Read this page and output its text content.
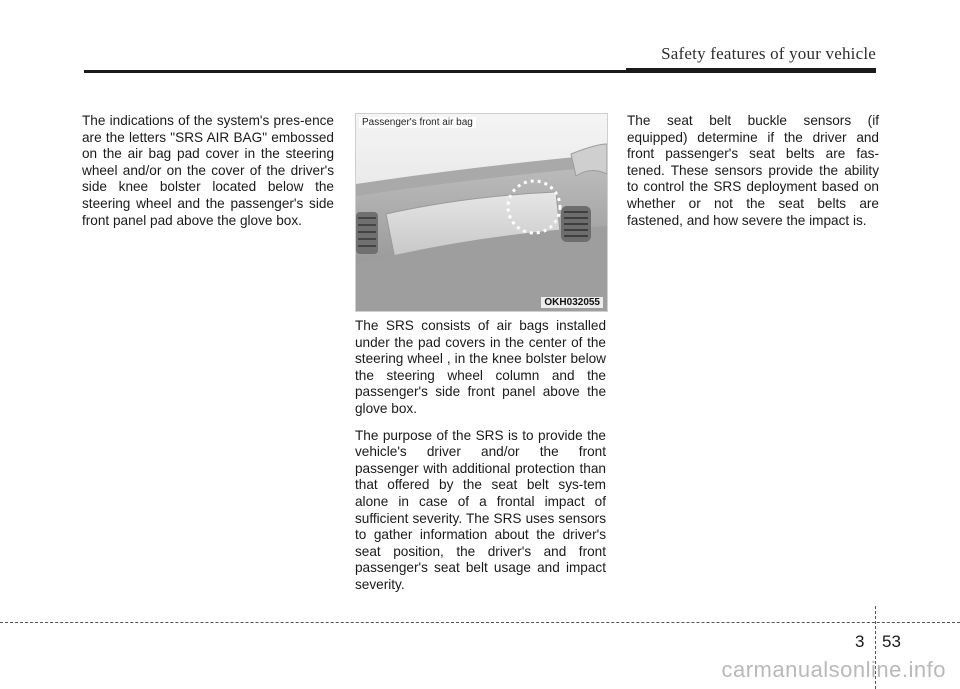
Safety features of your vehicle

The indications of the system's pres-ence are the letters "SRS AIR BAG" embossed on the air bag pad cover in the steering wheel and/or on the cover of the driver's side knee bolster located below the steering wheel and the passenger's side front panel pad above the glove box.

Passenger's front air bag
OKH032055

The SRS consists of air bags installed under the pad covers in the center of the steering wheel , in the knee bolster below the steering wheel column and the passenger's side front panel above the glove box.

The purpose of the SRS is to provide the vehicle's driver and/or the front passenger with additional protection than that offered by the seat belt sys-tem alone in case of a frontal impact of sufficient severity. The SRS uses sensors to gather information about the driver's seat position, the driver's and front passenger's seat belt usage and impact severity.

The seat belt buckle sensors (if equipped) determine if the driver and front passenger's seat belts are fas-tened. These sensors provide the ability to control the SRS deployment based on whether or not the seat belts are fastened, and how severe the impact is.

3 53
carmanualsonline.info
